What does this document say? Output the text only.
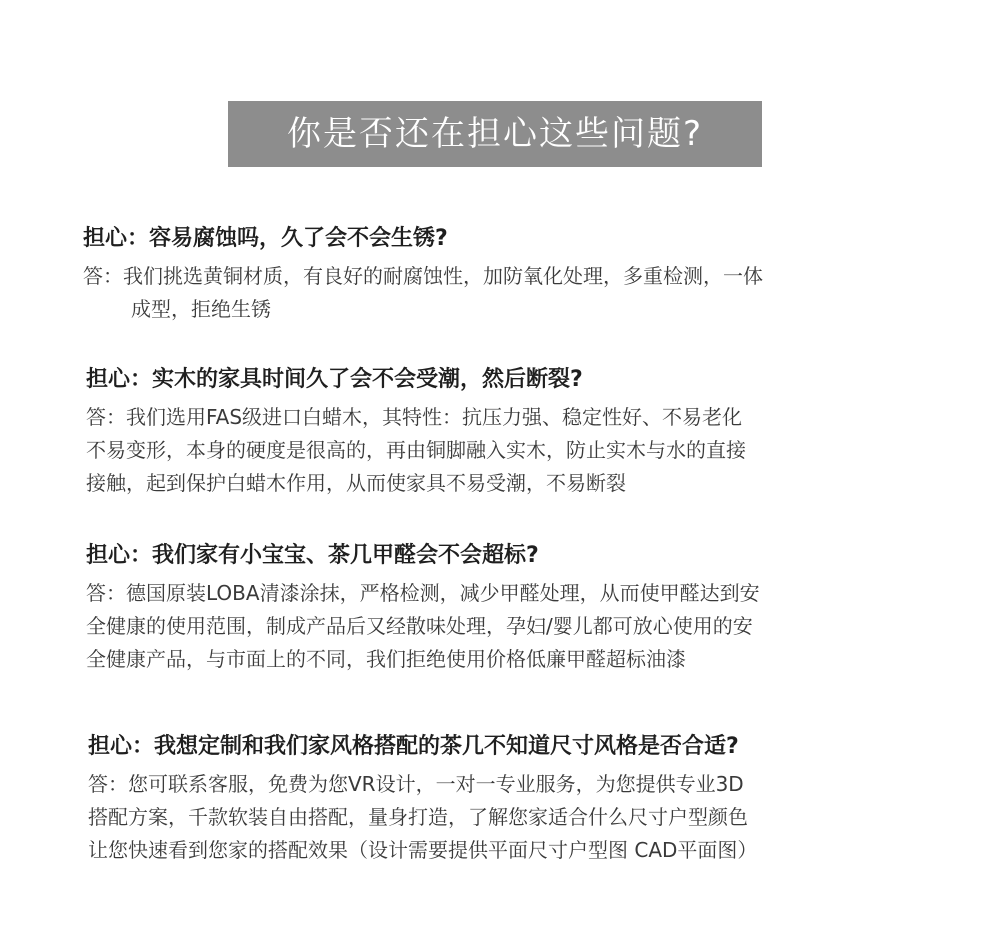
你是否还在担心这些问题?

担心：容易腐蚀吗，久了会不会生锈?

答：我们挑选黄铜材质，有良好的耐腐蚀性，加防氧化处理，多重检测，一体
成型，拒绝生锈

担心：实木的家具时间久了会不会受潮，然后断裂?

答：我们选用FAS级进口白蜡木，其特性：抗压力强、稳定性好、不易老化
不易变形，本身的硬度是很高的，再由铜脚融入实木，防止实木与水的直接
接触，起到保护白蜡木作用，从而使家具不易受潮，不易断裂

担心：我们家有小宝宝、茶几甲醛会不会超标?

答：德国原装LOBA清漆涂抹，严格检测，减少甲醛处理，从而使甲醛达到安
全健康的使用范围，制成产品后又经散味处理，孕妇/婴儿都可放心使用的安
全健康产品，与市面上的不同，我们拒绝使用价格低廉甲醛超标油漆

担心：我想定制和我们家风格搭配的茶几不知道尺寸风格是否合适?

答：您可联系客服，免费为您VR设计，一对一专业服务，为您提供专业3D
搭配方案，千款软装自由搭配，量身打造，了解您家适合什么尺寸户型颜色
让您快速看到您家的搭配效果（设计需要提供平面尺寸户型图 CAD平面图）
